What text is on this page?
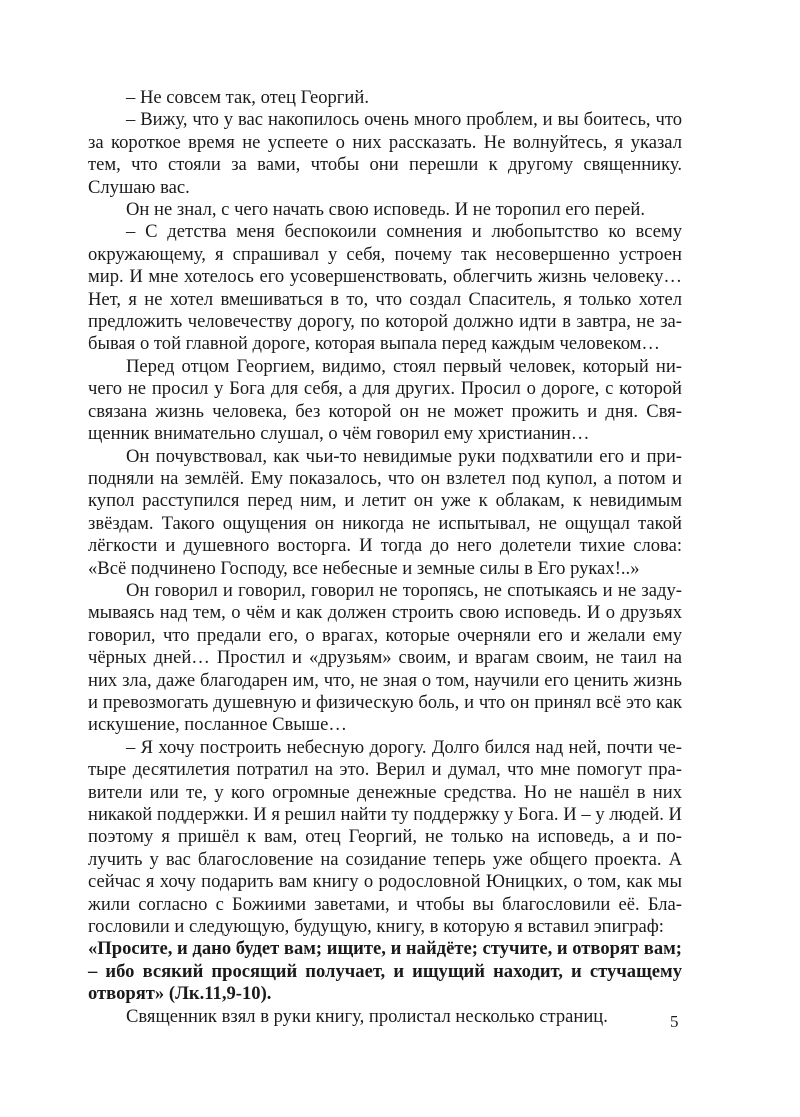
– Не совсем так, отец Георгий.

– Вижу, что у вас накопилось очень много проблем, и вы боитесь, что за короткое время не успеете о них рассказать. Не волнуйтесь, я указал тем, что стояли за вами, чтобы они перешли к другому священнику. Слушаю вас.

Он не знал, с чего начать свою исповедь. И не торопил его перей.

– С детства меня беспокоили сомнения и любопытство ко всему окружающему, я спрашивал у себя, почему так несовершенно устроен мир. И мне хотелось его усовершенствовать, облегчить жизнь человеку… Нет, я не хотел вмешиваться в то, что создал Спаситель, я только хотел предложить человечеству дорогу, по которой должно идти в завтра, не забывая о той главной дороге, которая выпала перед каждым человеком…

Перед отцом Георгием, видимо, стоял первый человек, который ничего не просил у Бога для себя, а для других. Просил о дороге, с которой связана жизнь человека, без которой он не может прожить и дня. Священник внимательно слушал, о чём говорил ему христианин…

Он почувствовал, как чьи-то невидимые руки подхватили его и приподняли на землёй. Ему показалось, что он взлетел под купол, а потом и купол расступился перед ним, и летит он уже к облакам, к невидимым звёздам. Такого ощущения он никогда не испытывал, не ощущал такой лёгкости и душевного восторга. И тогда до него долетели тихие слова: «Всё подчинено Господу, все небесные и земные силы в Его руках!..»

Он говорил и говорил, говорил не торопясь, не спотыкаясь и не задумываясь над тем, о чём и как должен строить свою исповедь. И о друзьях говорил, что предали его, о врагах, которые очерняли его и желали ему чёрных дней… Простил и «друзьям» своим, и врагам своим, не таил на них зла, даже благодарен им, что, не зная о том, научили его ценить жизнь и превозмогать душевную и физическую боль, и что он принял всё это как искушение, посланное Свыше…

– Я хочу построить небесную дорогу. Долго бился над ней, почти четыре десятилетия потратил на это. Верил и думал, что мне помогут правители или те, у кого огромные денежные средства. Но не нашёл в них никакой поддержки. И я решил найти ту поддержку у Бога. И – у людей. И поэтому я пришёл к вам, отец Георгий, не только на исповедь, а и получить у вас благословение на созидание теперь уже общего проекта. А сейчас я хочу подарить вам книгу о родословной Юницких, о том, как мы жили согласно с Божиими заветами, и чтобы вы благословили её. Благословили и следующую, будущую, книгу, в которую я вставил эпиграф:

«Просите, и дано будет вам; ищите, и найдёте; стучите, и отворят вам; – ибо всякий просящий получает, и ищущий находит, и стучащему отворят» (Лк.11,9-10).

Священник взял в руки книгу, пролистал несколько страниц.	5
